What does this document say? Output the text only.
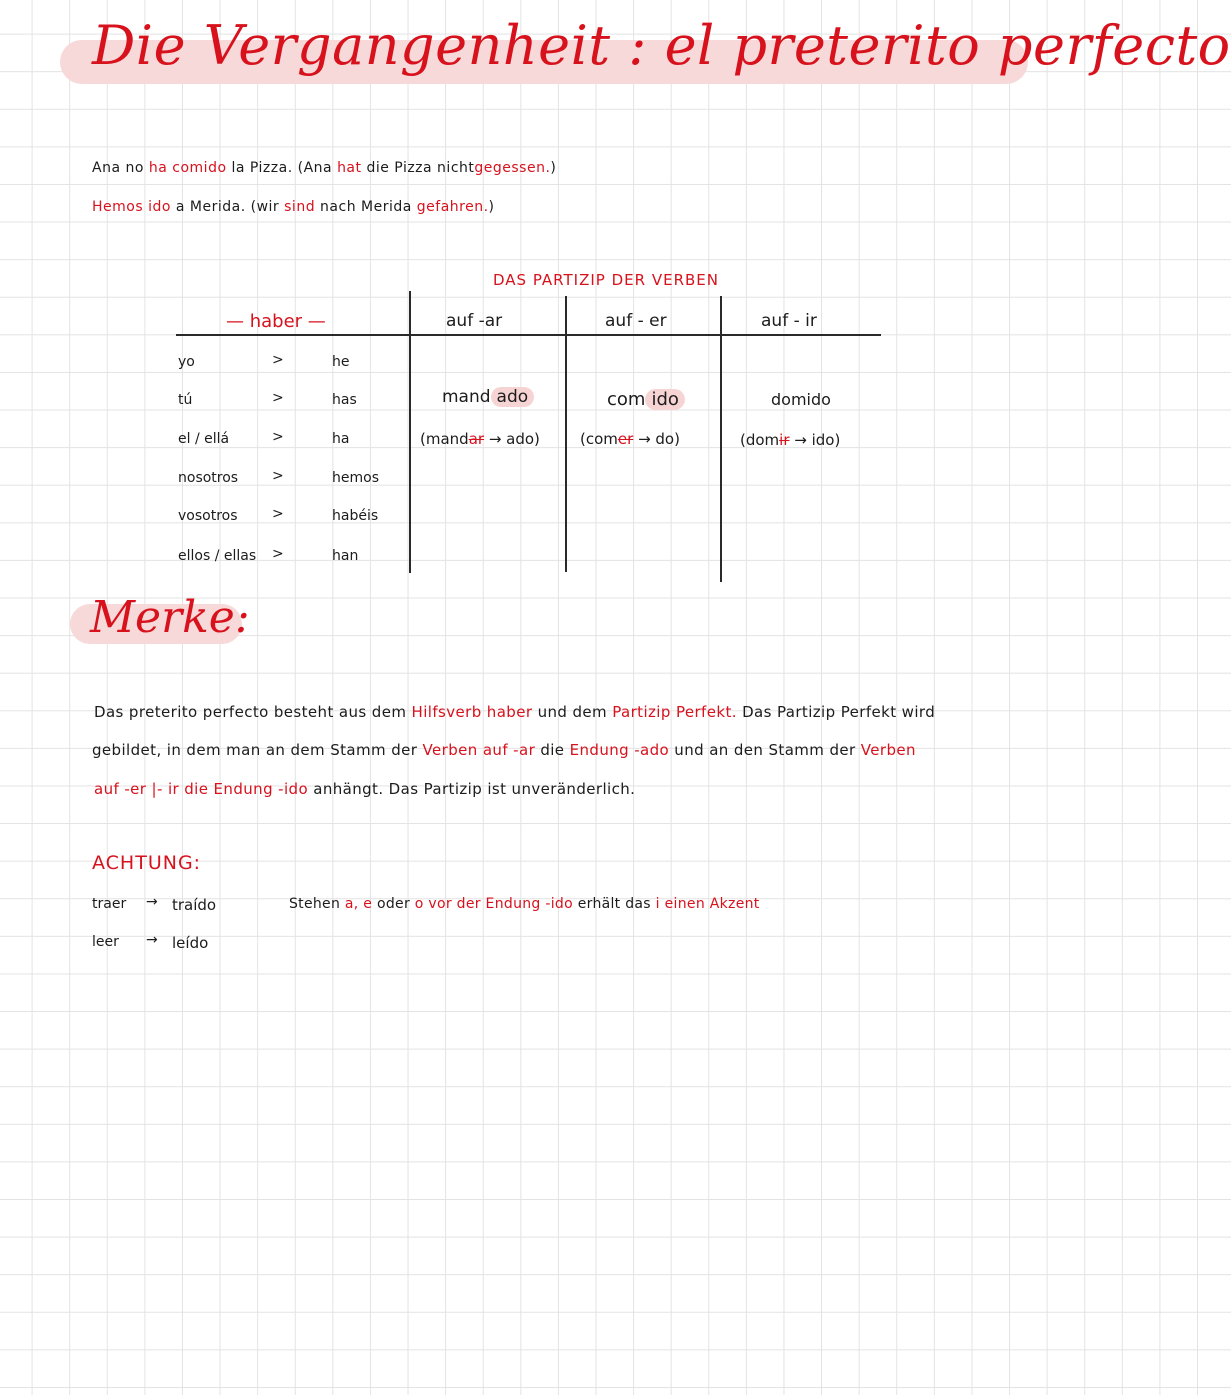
Die Vergangenheit : el preterito perfecto
Ana no ha comido la Pizza. (Ana hat die Pizza nichtgegessen.)
Hemos ido a Merida. (wir sind nach Merida gefahren.)
DAS PARTIZIP DER VERBEN
— haber —
yo	>	he
tú	>	has
el / ellá	>	ha
nosotros >	hemos
vosotros >	habéis
ellos / ellas >	han
auf -ar	auf - er	auf - ir
mand ado	com ido	domido
(mandar → ado)	(comer → do)	(domir → ido)
Merke:
Das preterito perfecto besteht aus dem Hilfsverb haber und dem Partizip Perfekt. Das Partizip Perfekt wird
gebildet, in dem man an dem Stamm der Verben auf -ar die Endung -ado und an den Stamm der Verben
auf -er |- ir die Endung -ido anhängt. Das Partizip ist unveränderlich.
ACHTUNG:
traer → traído
leer → leído
Stehen a, e oder o vor der Endung -ido erhält das i einen Akzent
